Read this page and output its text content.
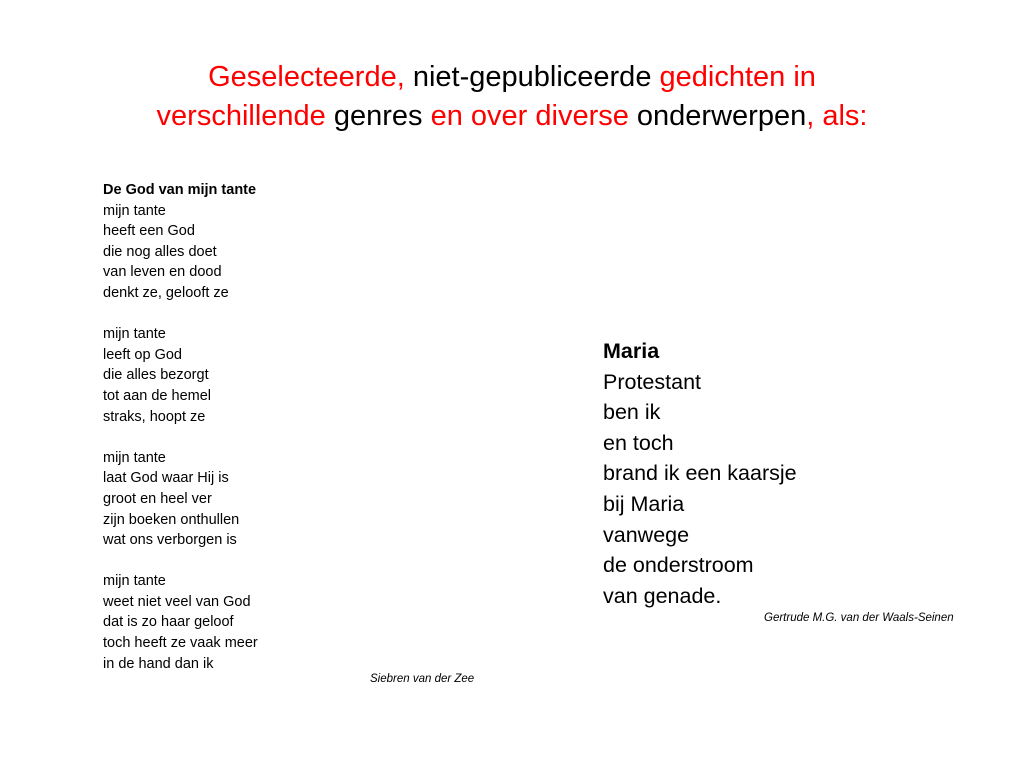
Geselecteerde, niet-gepubliceerde gedichten in
verschillende genres en over diverse onderwerpen, als:
De God van mijn tante
mijn tante
heeft een God
die nog alles doet
van leven en dood
denkt ze, gelooft ze
mijn tante
leeft op God
die alles bezorgt
tot aan de hemel
straks, hoopt ze
mijn tante
laat God waar Hij is
groot en heel ver
zijn boeken onthullen
wat ons verborgen is
mijn tante
weet niet veel van God
dat is zo haar geloof
toch heeft ze vaak meer
in de hand dan ik
Siebren van der Zee
Maria
Protestant
ben ik
en toch
brand ik een kaarsje
bij Maria
vanwege
de onderstroom
van genade.
Gertrude M.G. van der Waals-Seinen
